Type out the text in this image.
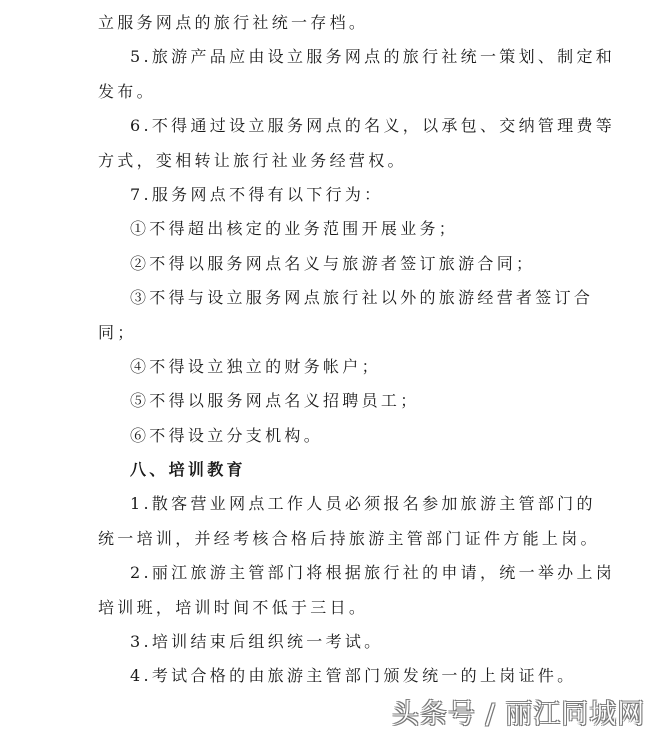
立服务网点的旅行社统一存档。
5.旅游产品应由设立服务网点的旅行社统一策划、制定和
发布。
6.不得通过设立服务网点的名义，以承包、交纳管理费等
方式，变相转让旅行社业务经营权。
7.服务网点不得有以下行为：
①不得超出核定的业务范围开展业务；
②不得以服务网点名义与旅游者签订旅游合同；
③不得与设立服务网点旅行社以外的旅游经营者签订合
同；
④不得设立独立的财务帐户；
⑤不得以服务网点名义招聘员工；
⑥不得设立分支机构。
八、培训教育
1.散客营业网点工作人员必须报名参加旅游主管部门的
统一培训，并经考核合格后持旅游主管部门证件方能上岗。
2.丽江旅游主管部门将根据旅行社的申请，统一举办上岗
培训班，培训时间不低于三日。
3.培训结束后组织统一考试。
4.考试合格的由旅游主管部门颁发统一的上岗证件。
头条号 / 丽江同城网
